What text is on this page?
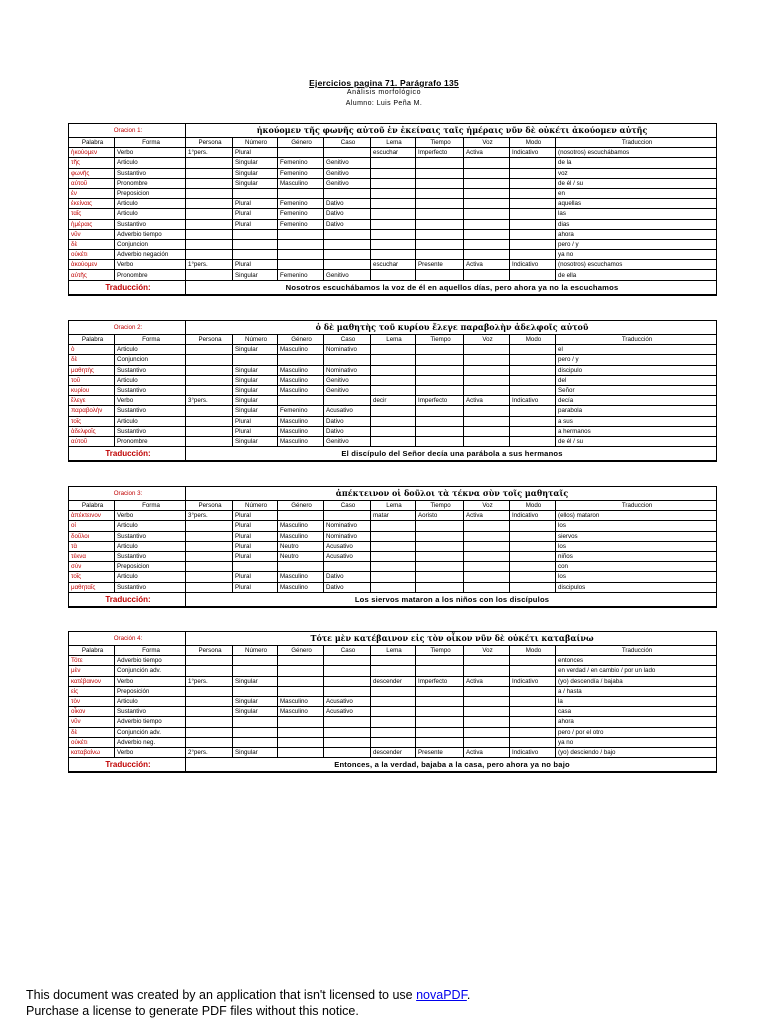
Ejercicios pagina 71. Parágrafo 135
Análisis morfológico
Alumno: Luis Peña M.
Oracion 1:		ἠκούομεν τῆς φωνῆς αὐτοῦ ἐν ἐκείναις ταῖς ἡμέραις νῦν δὲ οὐκέτι ἀκούομεν αὐτῆς								
Palabra	Forma	Persona	Número	Género	Caso	Lema	Tiempo	Voz	Modo	Traduccion
ἠκούομεν	Verbo	1°pers.	Plural			escuchar	Imperfecto	Activa	Indicativo	(nosotros) escuchábamos
τῆς	Articulo		Singular	Femenino	Genitivo					de la
φωνῆς	Sustantivo		Singular	Femenino	Genitivo					voz
αὐτοῦ	Pronombre		Singular	Masculino	Genitivo					de él / su
ἐν	Preposicion									en
ἐκείναις	Articulo		Plural	Femenino	Dativo					aquellas
ταῖς	Articulo		Plural	Femenino	Dativo					las
ἡμέραις	Sustantivo		Plural	Femenino	Dativo					dias
νῦν	Adverbio tiempo									ahora
δὲ	Conjuncion									pero / y
οὐκέτι	Adverbio negación									ya no
ἀκούομεν	Verbo	1°pers.	Plural			escuchar	Presente	Activa	Indicativo	(nosotros) escuchamos
αὐτῆς	Pronombre		Singular	Femenino	Genitivo					de ella
Traducción:		Nosotros escuchábamos la voz de él en aquellos días, pero ahora ya no la escuchamos								
Oracion 2:		ὁ δὲ μαθητὴς τοῦ κυρίου ἔλεγε παραβολὴν ἀδελφοῖς αὐτοῦ								
Palabra	Forma	Persona	Número	Género	Caso	Lema	Tiempo	Voz	Modo	Traducción
ὁ	Articulo		Singular	Masculino	Nominativo					el
δὲ	Conjuncion									pero / y
μαθητὴς	Sustantivo		Singular	Masculino	Nominativo					discipulo
τοῦ	Articulo		Singular	Masculino	Genitivo					del
κυρίου	Sustantivo		Singular	Masculino	Genitivo					Señor
ἔλεγε	Verbo	3°pers.	Singular			decir	Imperfecto	Activa	Indicativo	decía
παραβολὴν	Sustantivo		Singular	Femenino	Acusativo					parabola
τοῖς	Articulo		Plural	Masculino	Dativo					a sus
ἀδελφοῖς	Sustantivo		Plural	Masculino	Dativo					a hermanos
αὐτοῦ	Pronombre		Singular	Masculino	Genitivo					de él / su
Traducción:		El discípulo del Señor decía una parábola a sus hermanos								
Oracion 3:		ἀπέκτεινον οἱ δοῦλοι τὰ τέκνα σὺν τοῖς μαθηταῖς								
Palabra	Forma	Persona	Número	Género	Caso	Lema	Tiempo	Voz	Modo	Traduccion
ἀπέκτεινον	Verbo	3°pers.	Plural			matar	Aoristo	Activa	Indicativo	(ellos) mataron
οἱ	Articulo		Plural	Masculino	Nominativo					los
δοῦλοι	Sustantivo		Plural	Masculino	Nominativo					siervos
τὰ	Articulo		Plural	Neutro	Acusativo					los
τέκνα	Sustantivo		Plural	Neutro	Acusativo					niños
σὺν	Preposicion									con
τοῖς	Articulo		Plural	Masculino	Dativo					los
μαθηταῖς	Sustantivo		Plural	Masculino	Dativo					discipulos
Traducción:		Los siervos mataron a los niños con los discípulos								
Oración 4:		Τότε μὲν κατέβαινον εἰς τὸν οἶκον νῦν δὲ οὐκέτι καταβαίνω								
Palabra	Forma	Persona	Número	Género	Caso	Lema	Tiempo	Voz	Modo	Traducción
Τότε	Adverbio tiempo									entonces
μὲν	Conjunción adv.									en verdad / en cambio / por un lado
κατέβαινον	Verbo	1°pers.	Singular			descender	Imperfecto	Activa	Indicativo	(yo) descendía / bajaba
εἰς	Preposición									a / hasta
τὸν	Articulo		Singular	Masculino	Acusativo					la
οἶκον	Sustantivo		Singular	Masculino	Acusativo					casa
νῦν	Adverbio tiempo									ahora
δὲ	Conjunción adv.									pero / por el otro
οὐκέτι	Adverbio neg.									ya no
καταβαίνω	Verbo	2°pers.	Singular			descender	Presente	Activa	Indicativo	(yo) desciendo / bajo
Traducción:		Entonces, a la verdad, bajaba a la casa, pero ahora ya no bajo								
This document was created by an application that isn't licensed to use novaPDF.
Purchase a license to generate PDF files without this notice.
